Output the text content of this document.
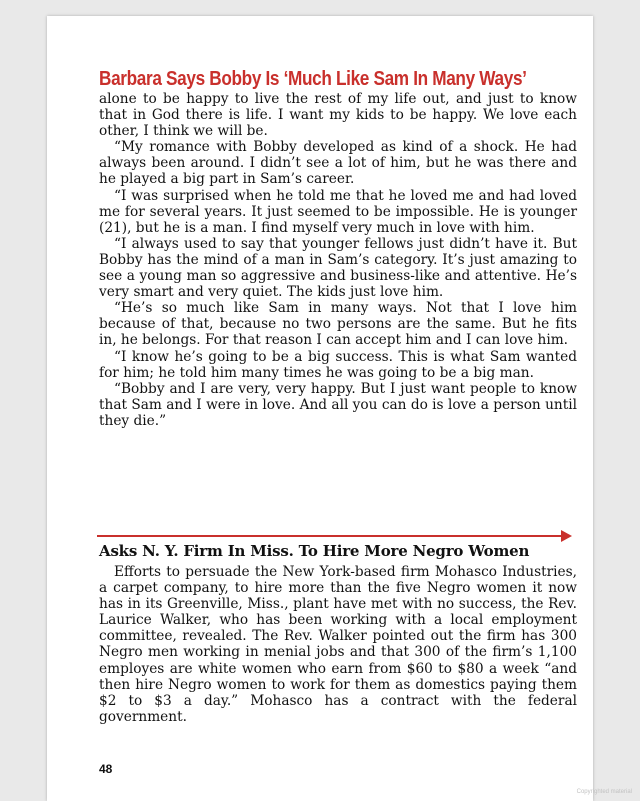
Barbara Says Bobby Is ‘Much Like Sam In Many Ways’

alone to be happy to live the rest of my life out, and just to know that in God there is life. I want my kids to be happy. We love each other, I think we will be.

“My romance with Bobby developed as kind of a shock. He had always been around. I didn’t see a lot of him, but he was there and he played a big part in Sam’s career.

“I was surprised when he told me that he loved me and had loved me for several years. It just seemed to be impossible. He is younger (21), but he is a man. I find myself very much in love with him.

“I always used to say that younger fellows just didn’t have it. But Bobby has the mind of a man in Sam’s category. It’s just amazing to see a young man so aggressive and business-like and attentive. He’s very smart and very quiet. The kids just love him.

“He’s so much like Sam in many ways. Not that I love him because of that, because no two persons are the same. But he fits in, he belongs. For that reason I can accept him and I can love him.

“I know he’s going to be a big success. This is what Sam wanted for him; he told him many times he was going to be a big man.

“Bobby and I are very, very happy. But I just want people to know that Sam and I were in love. And all you can do is love a person until they die.”

Asks N. Y. Firm In Miss. To Hire More Negro Women

Efforts to persuade the New York-based firm Mohasco Industries, a carpet company, to hire more than the five Negro women it now has in its Greenville, Miss., plant have met with no success, the Rev. Laurice Walker, who has been working with a local employment committee, revealed. The Rev. Walker pointed out the firm has 300 Negro men working in menial jobs and that 300 of the firm’s 1,100 employes are white women who earn from $60 to $80 a week “and then hire Negro women to work for them as domestics paying them $2 to $3 a day.” Mohasco has a contract with the federal government.

48
Copyrighted material
